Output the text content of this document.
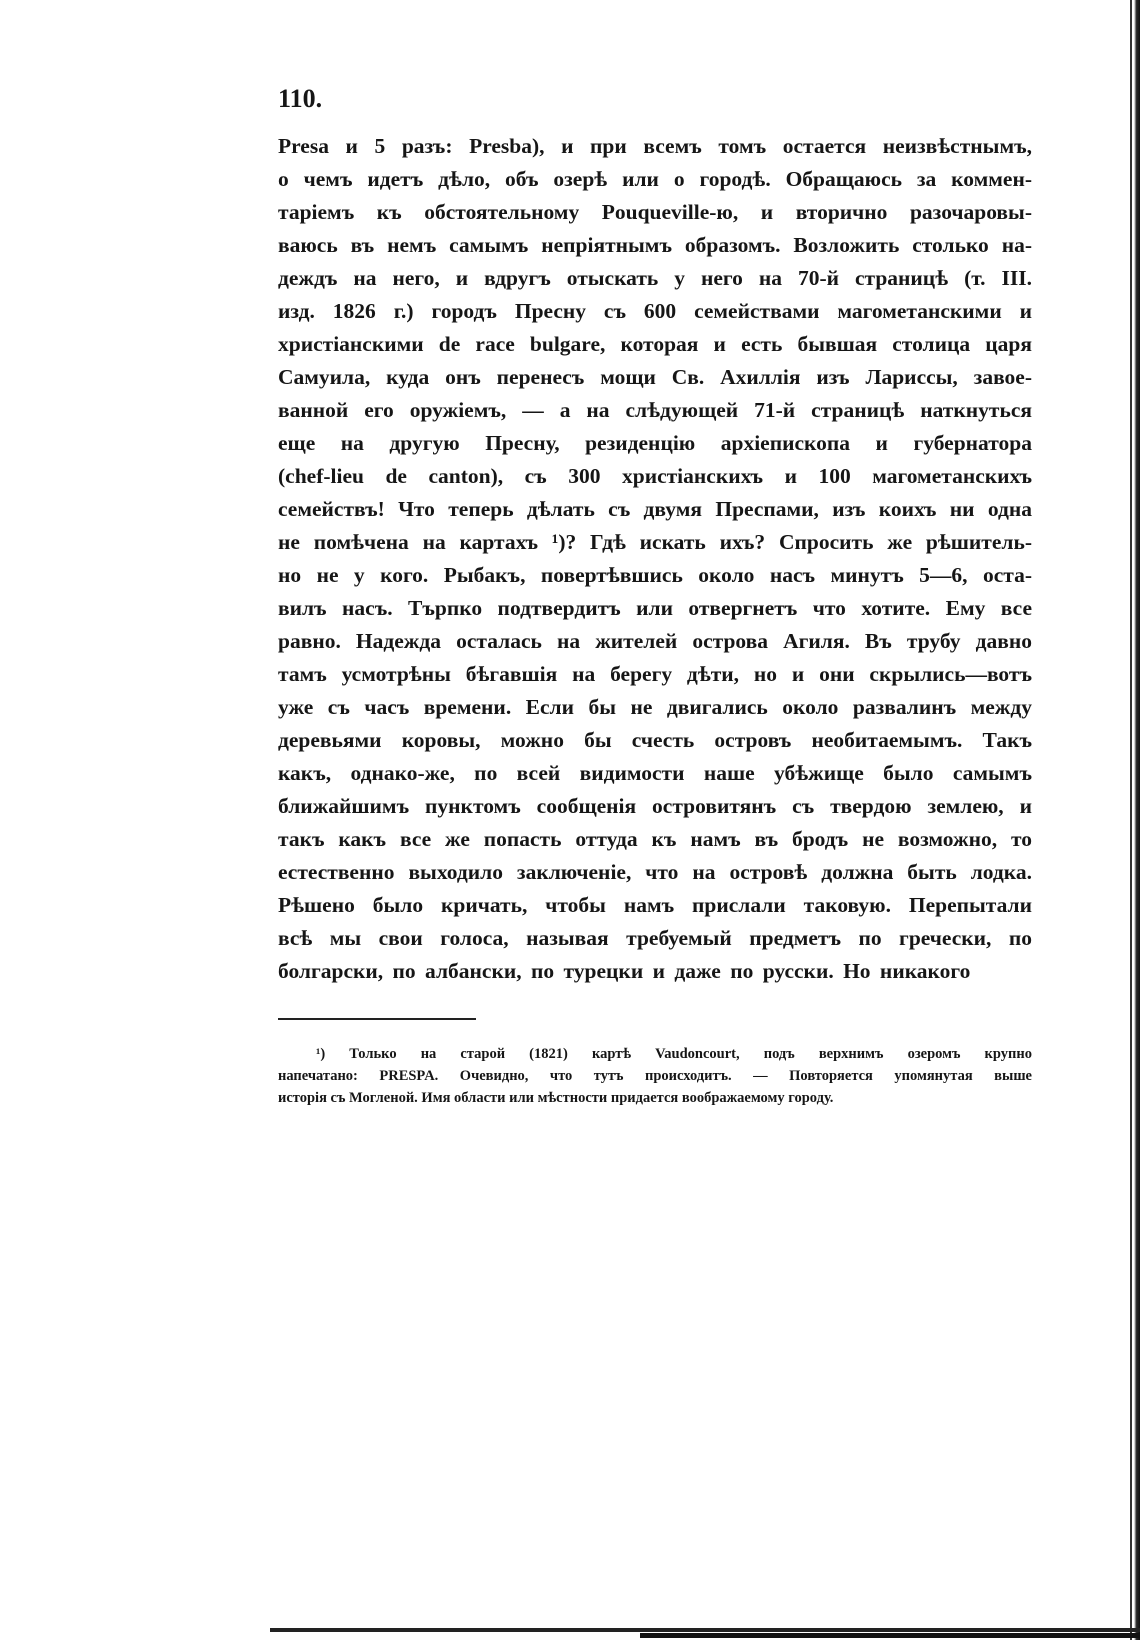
110.
Presa и 5 разъ: Presba), и при всемъ томъ остается неизвѣстнымъ,
о чемъ идетъ дѣло, объ озерѣ или о городѣ. Обращаюсь за коммен-
таріемъ къ обстоятельному Pouqueville-ю, и вторично разочаровы-
ваюсь въ немъ самымъ непріятнымъ образомъ. Возложить столько на-
деждъ на него, и вдругъ отыскать у него на 70-й страницѣ (т. III.
изд. 1826 г.) городъ Пресну съ 600 семействами магометанскими и
христіанскими de race bulgare, которая и есть бывшая столица царя
Самуила, куда онъ перенесъ мощи Св. Ахиллія изъ Лариссы, завое-
ванной его оружіемъ, — а на слѣдующей 71-й страницѣ наткнуться
еще на другую Пресну, резиденцію архіепископа и губернатора
(chef-lieu de canton), съ 300 христіанскихъ и 100 магометанскихъ
семействъ! Что теперь дѣлать съ двумя Преспами, изъ коихъ ни одна
не помѣчена на картахъ ¹)? Гдѣ искать ихъ? Спросить же рѣшитель-
но не у кого. Рыбакъ, повертѣвшись около насъ минутъ 5—6, оста-
вилъ насъ. Търпко подтвердитъ или отвергнетъ что хотите. Ему все
равно. Надежда осталась на жителей острова Агиля. Въ трубу давно
тамъ усмотрѣны бѣгавшія на берегу дѣти, но и они скрылись—вотъ
уже съ часъ времени. Если бы не двигались около развалинъ между
деревьями коровы, можно бы счесть островъ необитаемымъ. Такъ
какъ, однако-же, по всей видимости наше убѣжище было самымъ
ближайшимъ пунктомъ сообщенія островитянъ съ твердою землею, и
такъ какъ все же попасть оттуда къ намъ въ бродъ не возможно, то
естественно выходило заключеніе, что на островѣ должна быть лодка.
Рѣшено было кричать, чтобы намъ прислали таковую. Перепытали
всѣ мы свои голоса, называя требуемый предметъ по гречески, по
болгарски, по албански, по турецки и даже по русски. Но никакого
¹) Только на старой (1821) картѣ Vaudoncourt, подъ верхнимъ озеромъ крупно
напечатано: PRESPA. Очевидно, что тутъ происходитъ. — Повторяется упомянутая выше
исторія съ Могленой. Имя области или мѣстности придается воображаемому городу.
